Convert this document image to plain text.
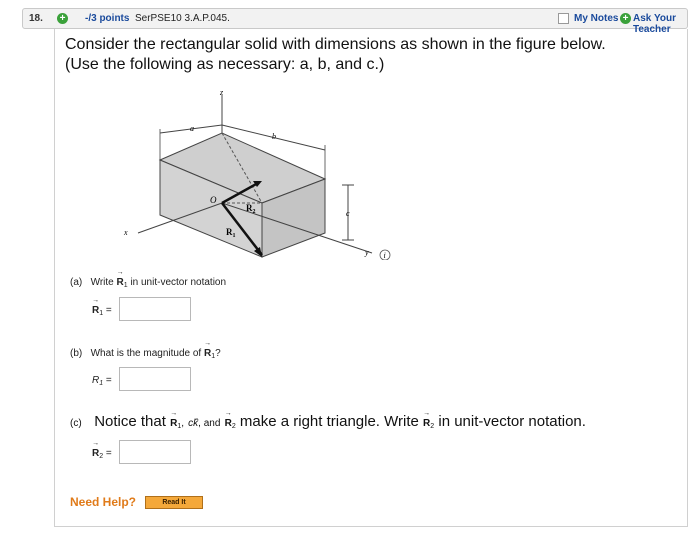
18. + -/3 points SerPSE10 3.A.P.045.	My Notes + Ask Your Teacher
Consider the rectangular solid with dimensions as shown in the figure below.
(Use the following as necessary: a, b, and c.)
z
x
y
a
b
c
O
$R_1$
$R_2$
i
(a) Write → $R_1$ in unit-vector notation
→ $R_1$ =
(b) What is the magnitude of → $R_1$?
$R_1$ =
(c) Notice that → $R_1$, ck̂, and → $R_2$ make a right triangle. Write → $R_2$ in unit-vector notation.
→ $R_2$ =
Need Help?	Read It
